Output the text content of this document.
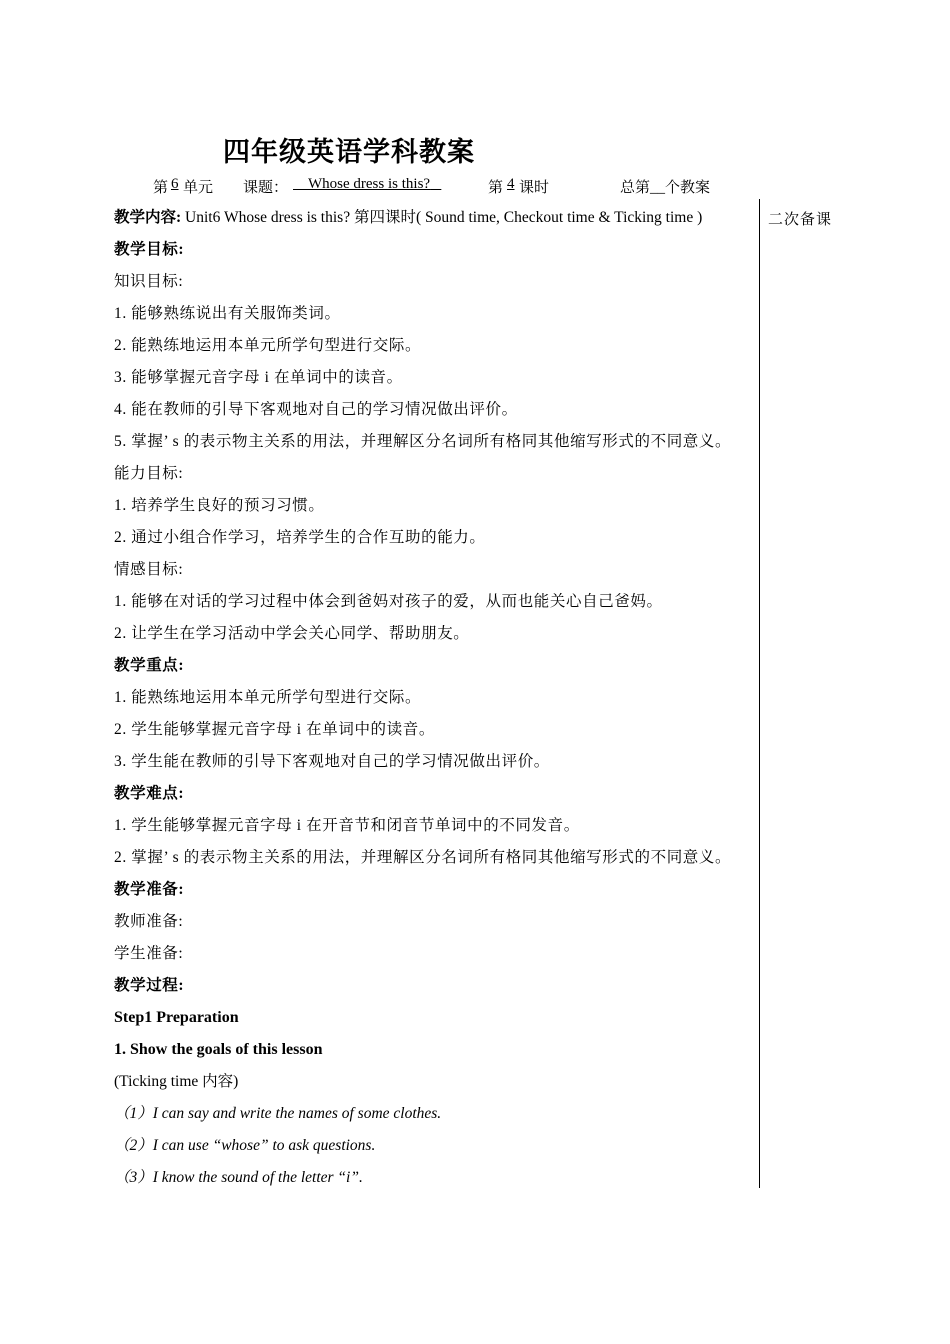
四年级英语学科教案
第 6 单元 课题：	Whose dress is this?	第 4 课时	总第__个教案
二次备课
教学内容: Unit6 Whose dress is this? 第四课时( Sound time, Checkout time & Ticking time )
教学目标:
知识目标:
1. 能够熟练说出有关服饰类词。
2. 能熟练地运用本单元所学句型进行交际。
3. 能够掌握元音字母 i 在单词中的读音。
4. 能在教师的引导下客观地对自己的学习情况做出评价。
5. 掌握’ s 的表示物主关系的用法，并理解区分名词所有格同其他缩写形式的不同意义。
能力目标:
1. 培养学生良好的预习习惯。
2. 通过小组合作学习，培养学生的合作互助的能力。
情感目标:
1. 能够在对话的学习过程中体会到爸妈对孩子的爱，从而也能关心自己爸妈。
2. 让学生在学习活动中学会关心同学、帮助朋友。
教学重点:
1. 能熟练地运用本单元所学句型进行交际。
2. 学生能够掌握元音字母 i 在单词中的读音。
3. 学生能在教师的引导下客观地对自己的学习情况做出评价。
教学难点:
1. 学生能够掌握元音字母 i 在开音节和闭音节单词中的不同发音。
2. 掌握’ s 的表示物主关系的用法，并理解区分名词所有格同其他缩写形式的不同意义。
教学准备:
教师准备:
学生准备:
教学过程:
Step1 Preparation
1. Show the goals of this lesson
(Ticking time 内容)
（1）I can say and write the names of some clothes.
（2）I can use “whose” to ask questions.
（3）I know the sound of the letter “i”.
